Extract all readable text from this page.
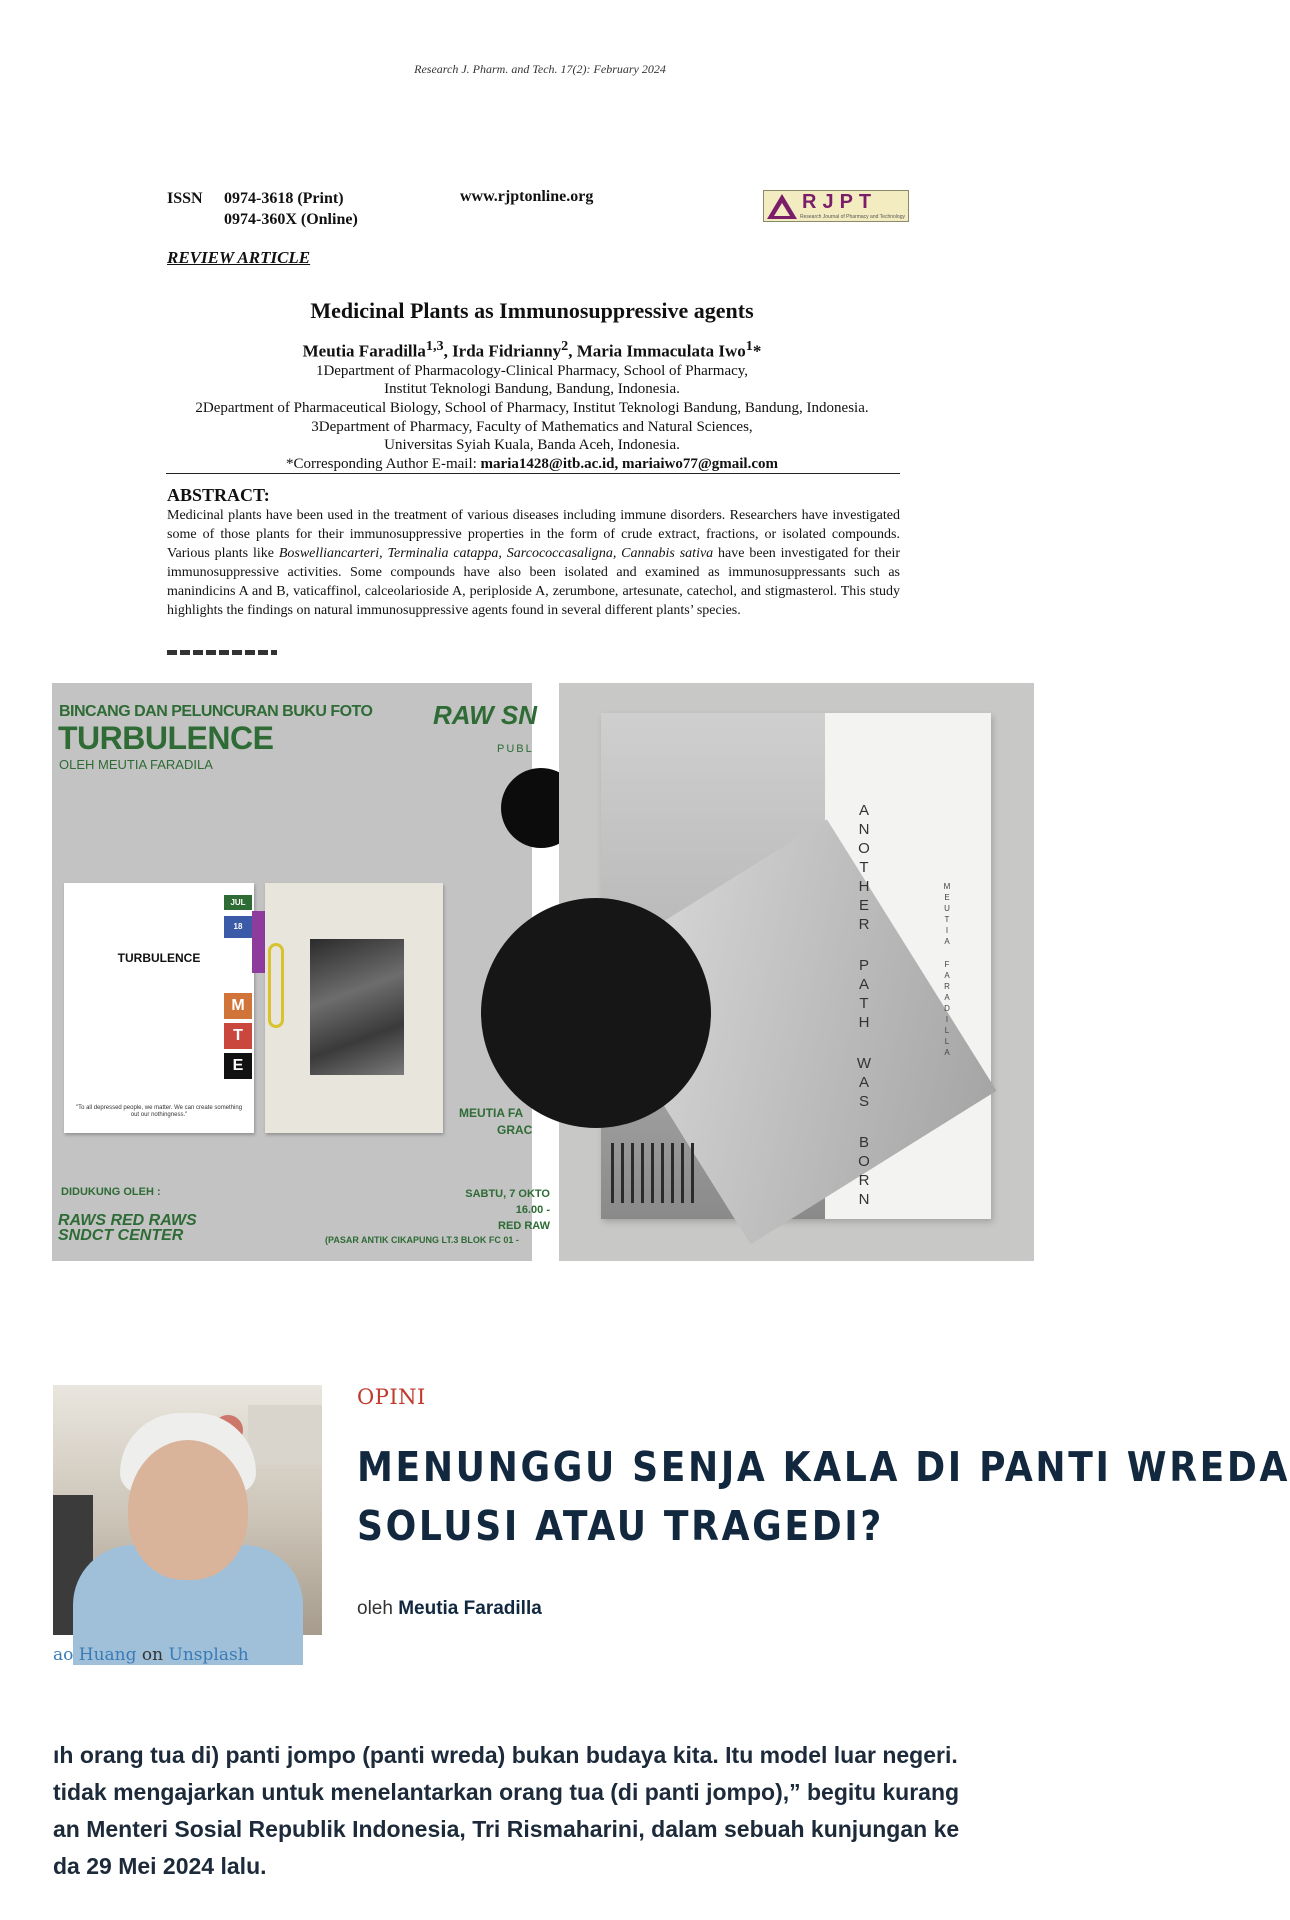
Research J. Pharm. and Tech. 17(2): February 2024
ISSN 0974-3618 (Print)
0974-360X (Online)
www.rjptonline.org	RJPT
Research Journal of Pharmacy and Technology
REVIEW ARTICLE
Medicinal Plants as Immunosuppressive agents
Meutia Faradilla$^{1,3}$, Irda Fidrianny$^2$, Maria Immaculata Iwo$^1$*
1Department of Pharmacology-Clinical Pharmacy, School of Pharmacy,
Institut Teknologi Bandung, Bandung, Indonesia.
2Department of Pharmaceutical Biology, School of Pharmacy, Institut Teknologi Bandung, Bandung, Indonesia.
3Department of Pharmacy, Faculty of Mathematics and Natural Sciences,
Universitas Syiah Kuala, Banda Aceh, Indonesia.
*Corresponding Author E-mail: maria1428@itb.ac.id, mariaiwo77@gmail.com
ABSTRACT:
Medicinal plants have been used in the treatment of various diseases including immune disorders. Researchers have investigated some of those plants for their immunosuppressive properties in the form of crude extract, fractions, or isolated compounds. Various plants like Boswelliancarteri, Terminalia catappa, Sarcococcasaligna, Cannabis sativa have been investigated for their immunosuppressive activities. Some compounds have also been isolated and examined as immunosuppressants such as manindicins A and B, vaticaffinol, calceolarioside A, periploside A, zerumbone, artesunate, catechol, and stigmasterol. This study highlights the findings on natural immunosuppressive agents found in several different plants’ species.
BINCANG DAN PELUNCURAN BUKU FOTO
TURBULENCE
OLEH MEUTIA FARADILA
RAW SN
PUBL
TURBULENCE
"To all depressed people, we matter. We can create something out our nothingness."
JUL
18
M
T
E
MEUTIA FA
GRAC
DIDUKUNG OLEH :
RAWS RED RAWS
SNDCT CENTER
SABTU, 7 OKTO
16.00 -
RED RAW
(PASAR ANTIK CIKAPUNG LT.3 BLOK FC 01 -
A
N
O
T
H
E
R

P
A
T
H

W
A
S

B
O
R
N
M
E
U
T
I
A

F
A
R
A
D
I
L
L
A
ao Huang on Unsplash
OPINI
MENUNGGU SENJA KALA DI PANTI WREDA
SOLUSI ATAU TRAGEDI?
oleh Meutia Faradilla
ıh orang tua di) panti jompo (panti wreda) bukan budaya kita. Itu model luar negeri.
tidak mengajarkan untuk menelantarkan orang tua (di panti jompo),” begitu kurang
an Menteri Sosial Republik Indonesia, Tri Rismaharini, dalam sebuah kunjungan ke
da 29 Mei 2024 lalu.
